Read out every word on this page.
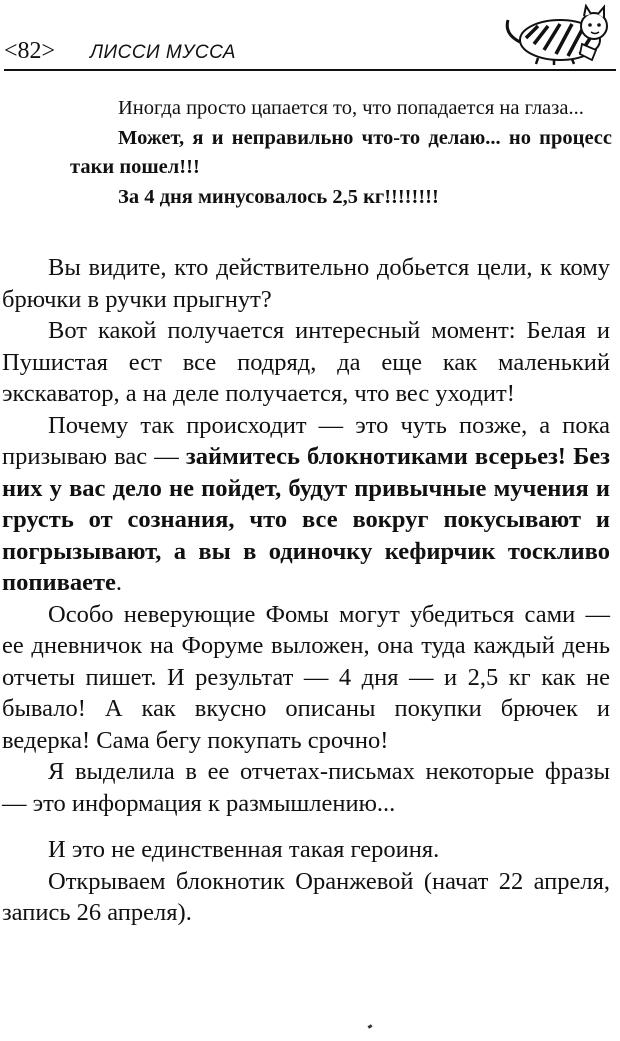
<82> ЛИССИ МУССА

Иногда просто цапается то, что попадается на глаза...

Может, я и неправильно что-то делаю... но процесс таки пошел!!!

За 4 дня минусовалось 2,5 кг!!!!!!!!

Вы видите, кто действительно добьется цели, к кому брючки в ручки прыгнут?

Вот какой получается интересный момент: Белая и Пушистая ест все подряд, да еще как маленький экскаватор, а на деле получается, что вес уходит!

Почему так происходит — это чуть позже, а пока призываю вас — займитесь блокнотиками всерьез! Без них у вас дело не пойдет, будут привычные мучения и грусть от сознания, что все вокруг покусывают и погрызывают, а вы в одиночку кефирчик тоскливо попиваете.

Особо неверующие Фомы могут убедиться сами — ее дневничок на Форуме выложен, она туда каждый день отчеты пишет. И результат — 4 дня — и 2,5 кг как не бывало! А как вкусно описаны покупки брючек и ведерка! Сама бегу покупать срочно!

Я выделила в ее отчетах-письмах некоторые фразы — это информация к размышлению...

И это не единственная такая героиня.

Открываем блокнотик Оранжевой (начат 22 апреля, запись 26 апреля).
